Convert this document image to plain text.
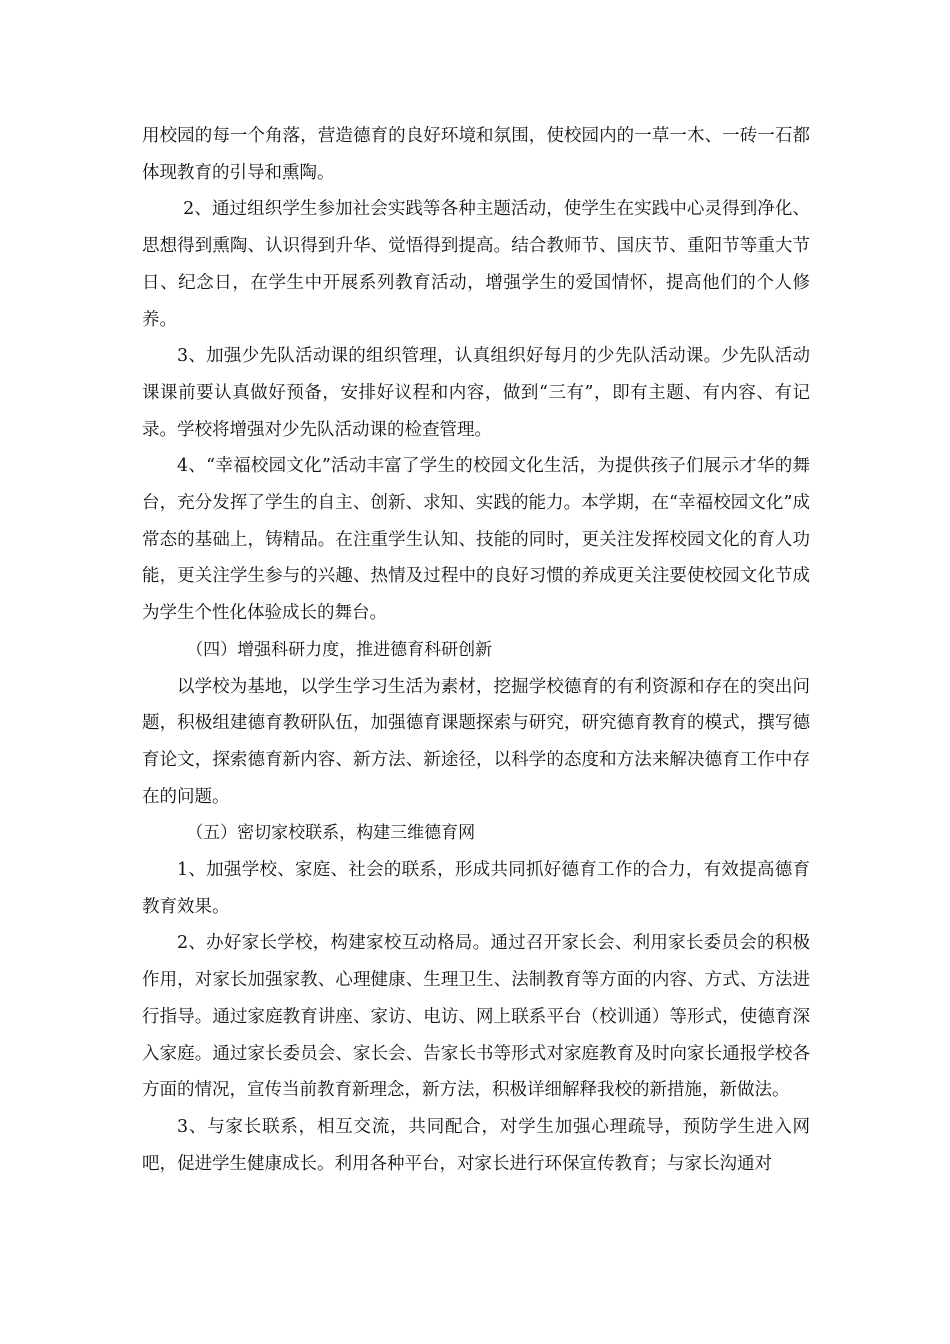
用校园的每一个角落，营造德育的良好环境和氛围，使校园内的一草一木、一砖一石都体现教育的引导和熏陶。

2、通过组织学生参加社会实践等各种主题活动，使学生在实践中心灵得到净化、思想得到熏陶、认识得到升华、觉悟得到提高。结合教师节、国庆节、重阳节等重大节日、纪念日，在学生中开展系列教育活动，增强学生的爱国情怀，提高他们的个人修养。

3、加强少先队活动课的组织管理，认真组织好每月的少先队活动课。少先队活动课课前要认真做好预备，安排好议程和内容，做到“三有”，即有主题、有内容、有记录。学校将增强对少先队活动课的检查管理。

4、“幸福校园文化”活动丰富了学生的校园文化生活，为提供孩子们展示才华的舞台，充分发挥了学生的自主、创新、求知、实践的能力。本学期，在“幸福校园文化”成常态的基础上，铸精品。在注重学生认知、技能的同时，更关注发挥校园文化的育人功能，更关注学生参与的兴趣、热情及过程中的良好习惯的养成更关注要使校园文化节成为学生个性化体验成长的舞台。

（四）增强科研力度，推进德育科研创新

以学校为基地，以学生学习生活为素材，挖掘学校德育的有利资源和存在的突出问题，积极组建德育教研队伍，加强德育课题探索与研究，研究德育教育的模式，撰写德育论文，探索德育新内容、新方法、新途径，以科学的态度和方法来解决德育工作中存在的问题。

（五）密切家校联系，构建三维德育网

1、加强学校、家庭、社会的联系，形成共同抓好德育工作的合力，有效提高德育教育效果。

2、办好家长学校，构建家校互动格局。通过召开家长会、利用家长委员会的积极作用，对家长加强家教、心理健康、生理卫生、法制教育等方面的内容、方式、方法进行指导。通过家庭教育讲座、家访、电访、网上联系平台（校训通）等形式，使德育深入家庭。通过家长委员会、家长会、告家长书等形式对家庭教育及时向家长通报学校各方面的情况，宣传当前教育新理念，新方法，积极详细解释我校的新措施，新做法。

3、与家长联系，相互交流，共同配合，对学生加强心理疏导，预防学生进入网吧，促进学生健康成长。利用各种平台，对家长进行环保宣传教育；与家长沟通对
